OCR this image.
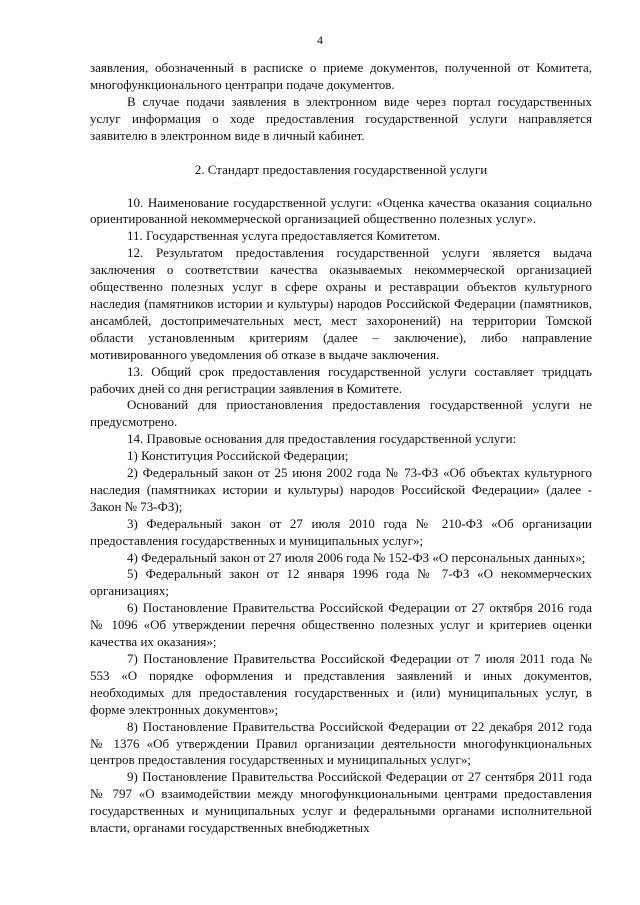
4

заявления, обозначенный в расписке о приеме документов, полученной от Комитета, многофункционального центрапри подаче документов.

В случае подачи заявления в электронном виде через портал государственных услуг информация о ходе предоставления государственной услуги направляется заявителю в электронном виде в личный кабинет.

2. Стандарт предоставления государственной услуги

10. Наименование государственной услуги: «Оценка качества оказания социально ориентированной некоммерческой организацией общественно полезных услуг».

11. Государственная услуга предоставляется Комитетом.

12. Результатом предоставления государственной услуги является выдача заключения о соответствии качества оказываемых некоммерческой организацией общественно полезных услуг в сфере охраны и реставрации объектов культурного наследия (памятников истории и культуры) народов Российской Федерации (памятников, ансамблей, достопримечательных мест, мест захоронений) на территории Томской области установленным критериям (далее – заключение), либо направление мотивированного уведомления об отказе в выдаче заключения.

13. Общий срок предоставления государственной услуги составляет тридцать рабочих дней со дня регистрации заявления в Комитете.

Оснований для приостановления предоставления государственной услуги не предусмотрено.

14. Правовые основания для предоставления государственной услуги:

1) Конституция Российской Федерации;

2) Федеральный закон от 25 июня 2002 года № 73-ФЗ «Об объектах культурного наследия (памятниках истории и культуры) народов Российской Федерации» (далее - Закон № 73-ФЗ);

3) Федеральный закон от 27 июля 2010 года № 210-ФЗ «Об организации предоставления государственных и муниципальных услуг»;

4) Федеральный закон от 27 июля 2006 года № 152-ФЗ «О персональных данных»;

5) Федеральный закон от 12 января 1996 года № 7-ФЗ «О некоммерческих организациях;

6) Постановление Правительства Российской Федерации от 27 октября 2016 года № 1096 «Об утверждении перечня общественно полезных услуг и критериев оценки качества их оказания»;

7) Постановление Правительства Российской Федерации от 7 июля 2011 года № 553 «О порядке оформления и представления заявлений и иных документов, необходимых для предоставления государственных и (или) муниципальных услуг, в форме электронных документов»;

8) Постановление Правительства Российской Федерации от 22 декабря 2012 года № 1376 «Об утверждении Правил организации деятельности многофункциональных центров предоставления государственных и муниципальных услуг»;

9) Постановление Правительства Российской Федерации от 27 сентября 2011 года № 797 «О взаимодействии между многофункциональными центрами предоставления государственных и муниципальных услуг и федеральными органами исполнительной власти, органами государственных внебюджетных
